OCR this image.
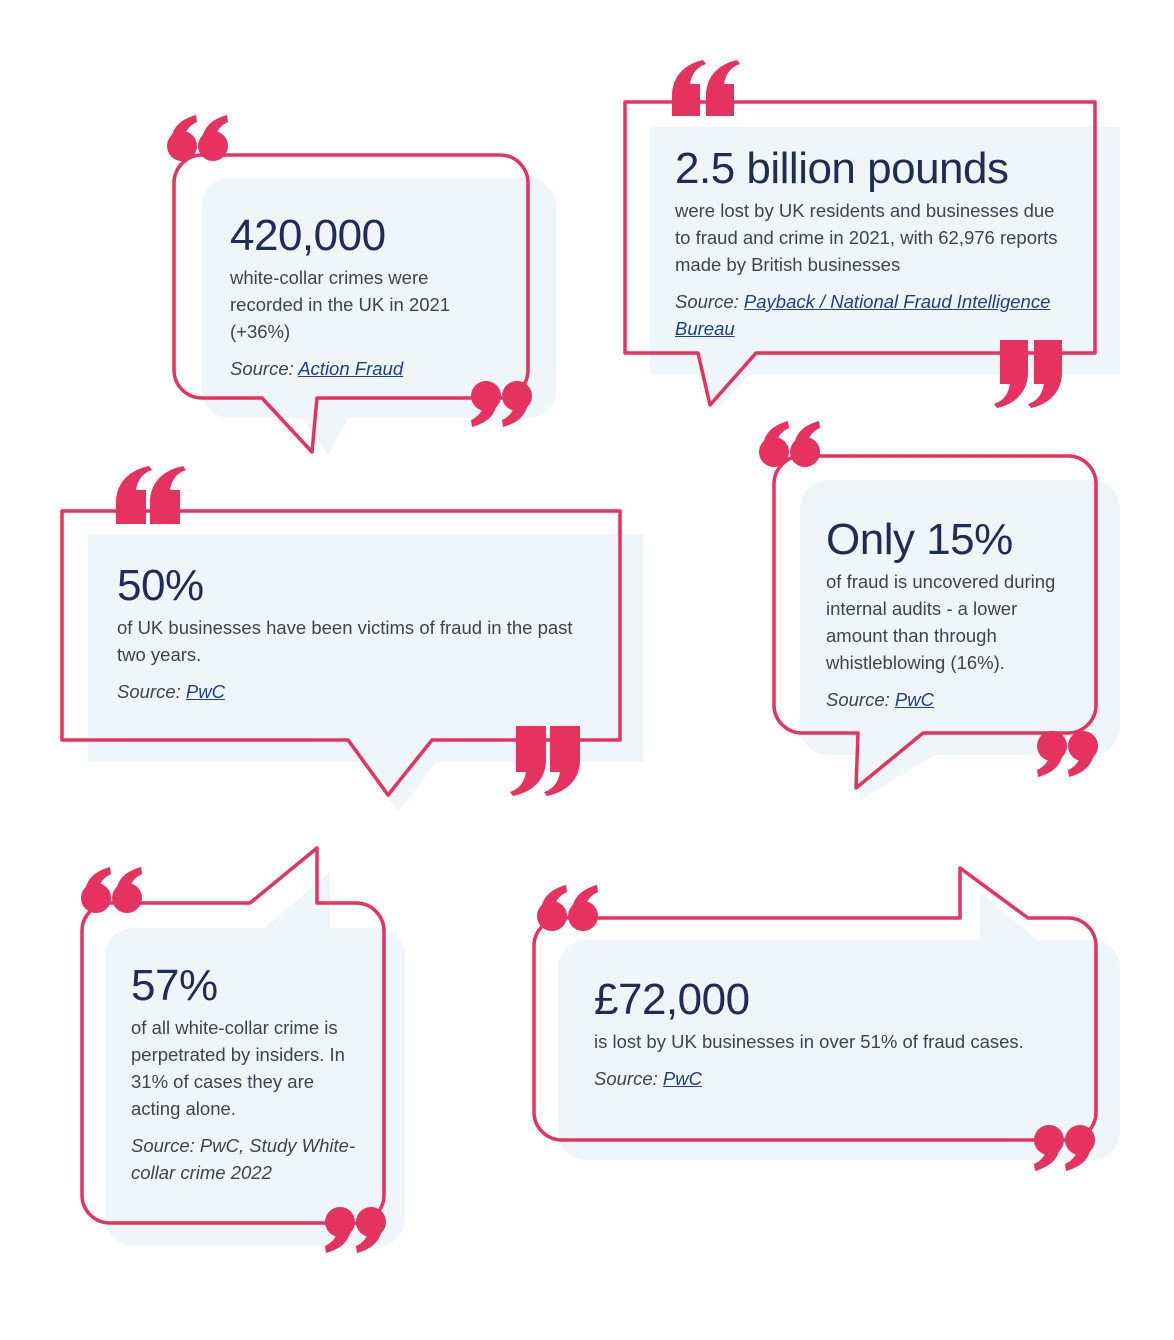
420,000

white-collar crimes were recorded in the UK in 2021 (+36%)

Source: Action Fraud

2.5 billion pounds

were lost by UK residents and businesses due to fraud and crime in 2021, with 62,976 reports made by British businesses

Source: Payback / National Fraud Intelligence Bureau

50%

of UK businesses have been victims of fraud in the past two years.

Source: PwC

Only 15%

of fraud is uncovered during internal audits - a lower amount than through whistleblowing (16%).

Source: PwC

57%

of all white-collar crime is perpetrated by insiders. In 31% of cases they are acting alone.

Source: PwC, Study White-collar crime 2022

£72,000

is lost by UK businesses in over 51% of fraud cases.

Source: PwC
